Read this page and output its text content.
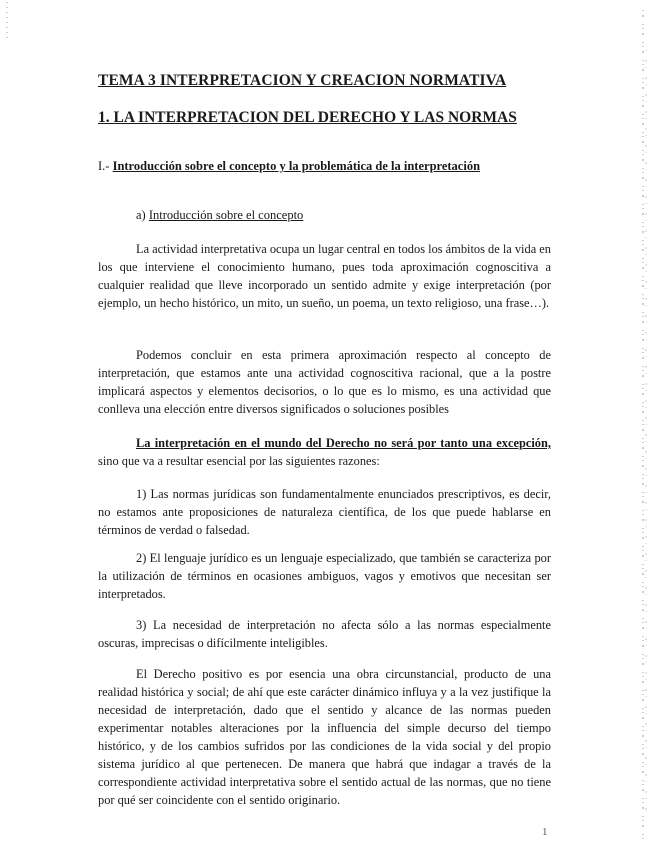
TEMA 3 INTERPRETACION Y CREACION NORMATIVA
1. LA INTERPRETACION DEL DERECHO Y LAS NORMAS
I.- Introducción sobre el concepto y la problemática de la interpretación
a) Introducción sobre el concepto

La actividad interpretativa ocupa un lugar central en todos los ámbitos de la vida en los que interviene el conocimiento humano, pues toda aproximación cognoscitiva a cualquier realidad que lleve incorporado un sentido admite y exige interpretación (por ejemplo, un hecho histórico, un mito, un sueño, un poema, un texto religioso, una frase…).

Podemos concluir en esta primera aproximación respecto al concepto de interpretación, que estamos ante una actividad cognoscitiva racional, que a la postre implicará aspectos y elementos decisorios, o lo que es lo mismo, es una actividad que conlleva una elección entre diversos significados o soluciones posibles

La interpretación en el mundo del Derecho no será por tanto una excepción, sino que va a resultar esencial por las siguientes razones:

1) Las normas jurídicas son fundamentalmente enunciados prescriptivos, es decir, no estamos ante proposiciones de naturaleza científica, de los que puede hablarse en términos de verdad o falsedad.

2) El lenguaje jurídico es un lenguaje especializado, que también se caracteriza por la utilización de términos en ocasiones ambiguos, vagos y emotivos que necesitan ser interpretados.

3) La necesidad de interpretación no afecta sólo a las normas especialmente oscuras, imprecisas o difícilmente inteligibles.

El Derecho positivo es por esencia una obra circunstancial, producto de una realidad histórica y social; de ahí que este carácter dinámico influya y a la vez justifique la necesidad de interpretación, dado que el sentido y alcance de las normas pueden experimentar notables alteraciones por la influencia del simple decurso del tiempo histórico, y de los cambios sufridos por las condiciones de la vida social y del propio sistema jurídico al que pertenecen. De manera que habrá que indagar a través de la correspondiente actividad interpretativa sobre el sentido actual de las normas, que no tiene por qué ser coincidente con el sentido originario.

1
